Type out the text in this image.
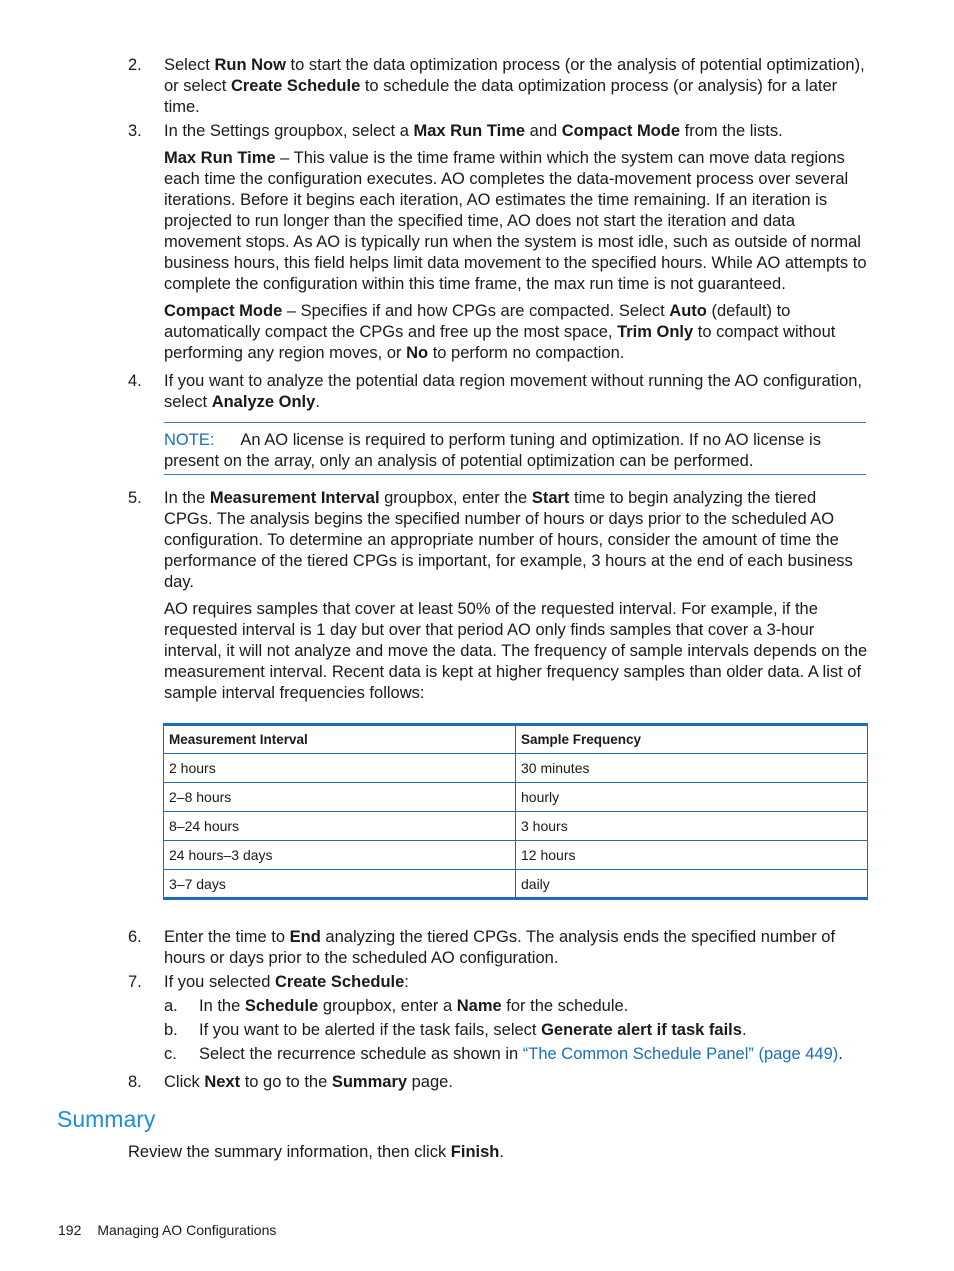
2.	Select Run Now to start the data optimization process (or the analysis of potential optimization), or select Create Schedule to schedule the data optimization process (or analysis) for a later time.
3.	In the Settings groupbox, select a Max Run Time and Compact Mode from the lists.
Max Run Time – This value is the time frame within which the system can move data regions each time the configuration executes. AO completes the data-movement process over several iterations. Before it begins each iteration, AO estimates the time remaining. If an iteration is projected to run longer than the specified time, AO does not start the iteration and data movement stops. As AO is typically run when the system is most idle, such as outside of normal business hours, this field helps limit data movement to the specified hours. While AO attempts to complete the configuration within this time frame, the max run time is not guaranteed.
Compact Mode – Specifies if and how CPGs are compacted. Select Auto (default) to automatically compact the CPGs and free up the most space, Trim Only to compact without performing any region moves, or No to perform no compaction.
4.	If you want to analyze the potential data region movement without running the AO configuration, select Analyze Only.
NOTE: An AO license is required to perform tuning and optimization. If no AO license is present on the array, only an analysis of potential optimization can be performed.
5.	In the Measurement Interval groupbox, enter the Start time to begin analyzing the tiered CPGs. The analysis begins the specified number of hours or days prior to the scheduled AO configuration. To determine an appropriate number of hours, consider the amount of time the performance of the tiered CPGs is important, for example, 3 hours at the end of each business day.
AO requires samples that cover at least 50% of the requested interval. For example, if the requested interval is 1 day but over that period AO only finds samples that cover a 3-hour interval, it will not analyze and move the data. The frequency of sample intervals depends on the measurement interval. Recent data is kept at higher frequency samples than older data. A list of sample interval frequencies follows:
Measurement Interval	Sample Frequency
2 hours	30 minutes
2–8 hours	hourly
8–24 hours	3 hours
24 hours–3 days	12 hours
3–7 days	daily
6.	Enter the time to End analyzing the tiered CPGs. The analysis ends the specified number of hours or days prior to the scheduled AO configuration.
7.	If you selected Create Schedule:
a. In the Schedule groupbox, enter a Name for the schedule.
b. If you want to be alerted if the task fails, select Generate alert if task fails.
c. Select the recurrence schedule as shown in “The Common Schedule Panel” (page 449).
8.	Click Next to go to the Summary page.
Summary
Review the summary information, then click Finish.
192 Managing AO Configurations
